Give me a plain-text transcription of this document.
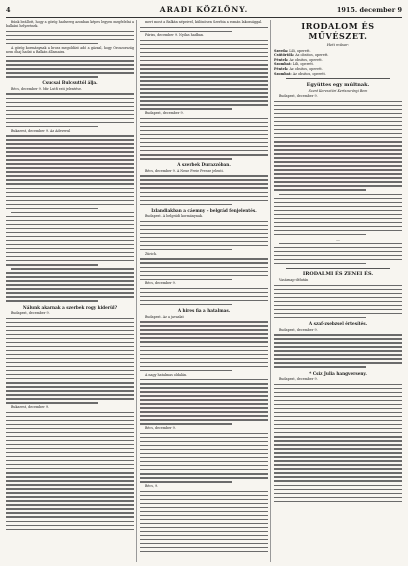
4	ARADI KÖZLÖNY.	1915. december 9

fiúnk beállott, hogy a görög hadsereg azonban képes legyen megfelelni a balkáni helyzetnek.

A görög kormánynak a brosz megoldást adó a gázzal, hogy Oroszország nem óhaj hadat a Balkán államaira.

Csucsai Bulcsuttól álja.

Bécs, december 9. Mir Lutfi esti jelentése.

Bukarest, december 9. Az Adeverul

Nálunk akarnak a szerbek rogy kiderül?

Budapest, december 9.

Bukarest, december 9.

mert most a Balkán népeivel, különösen Szerbia a román lakossággal.

Párizs, december 9. Nyilas hadban.

Budapest, december 9.

A szerbek Durazzóban.

Bécs, december 9. A Neue Freie Presse jelenti.

Izlandiakban a cáemny - belgrád fenjelentés.

Budapest. A belgrádi kormánynak.

Zürich.

Bécs, december 9.

A hires fia a hatalmas.

Budapest. Az a javaslat

A nagy hatalmas oldalán.

Bécs, december 9.

Bécs, 9.

IRODALOM ÉS MŰVÉSZET.
Heti műsor:
Szerda: Lili, operett.
Csütörtök: Az obsitos, operett.
Péntek: Az obsitos, operett.
Szombat: Lili, operett.
Péntek: Az obsitos, operett.
Szombat: Az obsitos, operett.
Együttes egy múltnak.
Szent Keresztúri Kertszurányi Bem

Budapest, december 9.

—
IRODALMI ÉS ZENEI ÉS.

Vasárnap-délután

A szaf-zsebzsel értesítés.

Budapest, december 9.

* Csiz Julia hangverseny.

Budapest, december 9.
